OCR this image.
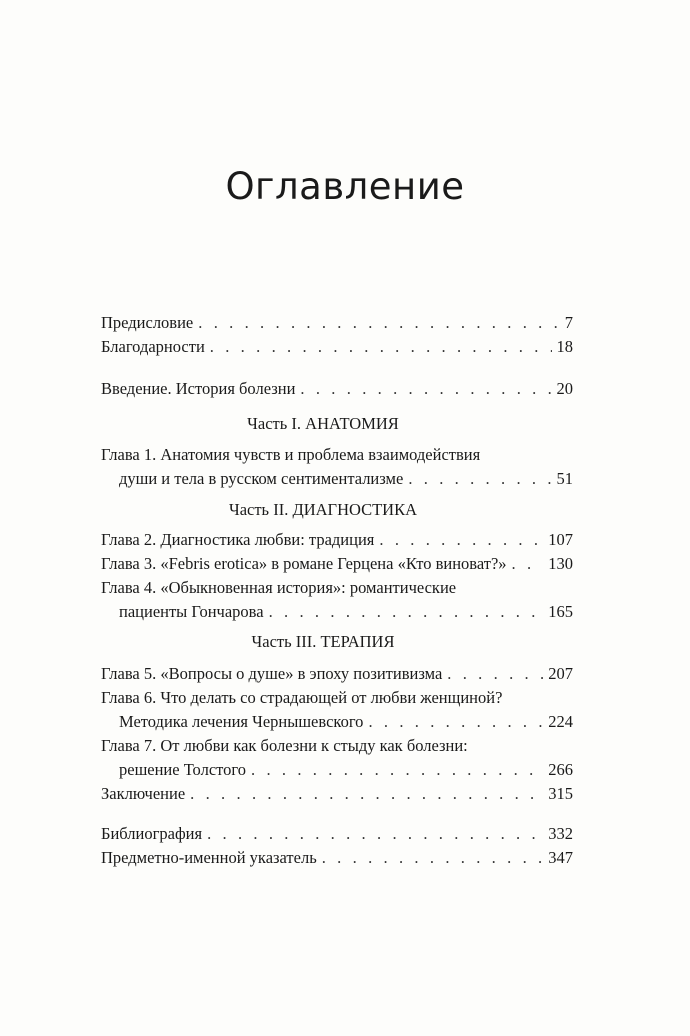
Оглавление
Предисловие . . .	7
Благодарности . . .	18
Введение. История болезни . . .	20
Часть I. АНАТОМИЯ
Глава 1. Анатомия чувств и проблема взаимодействия
души и тела в русском сентиментализме . . .	51
Часть II. ДИАГНОСТИКА
Глава 2. Диагностика любви: традиция . . .	107
Глава 3. «Febris erotica» в романе Герцена «Кто виноват?» . . .	130
Глава 4. «Обыкновенная история»: романтические
пациенты Гончарова . . .	165
Часть III. ТЕРАПИЯ
Глава 5. «Вопросы о душе» в эпоху позитивизма . . .	207
Глава 6. Что делать со страдающей от любви женщиной?
Методика лечения Чернышевского . . .	224
Глава 7. От любви как болезни к стыду как болезни:
решение Толстого . . .	266
Заключение . . .	315
Библиография . . .	332
Предметно-именной указатель . . .	347
